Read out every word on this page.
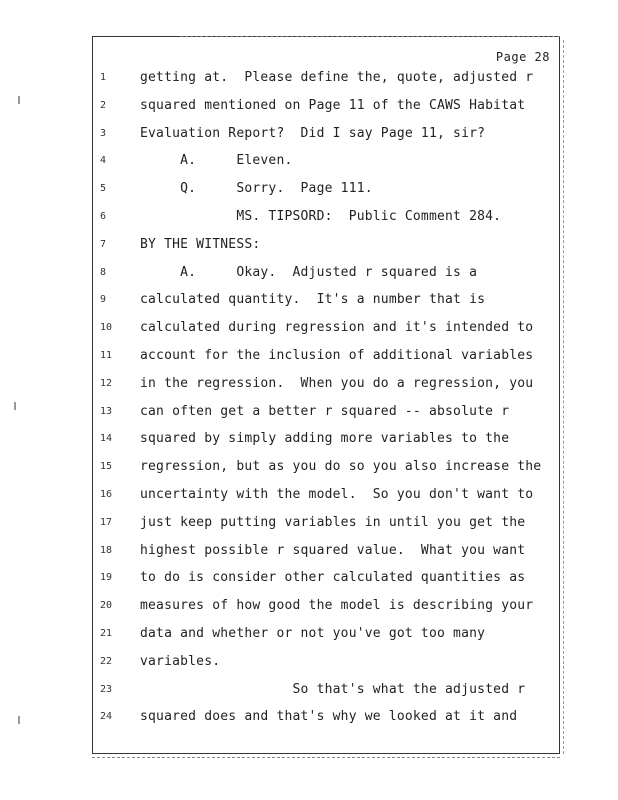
Page 28
1	getting at.  Please define the, quote, adjusted r
2	squared mentioned on Page 11 of the CAWS Habitat
3	Evaluation Report?  Did I say Page 11, sir?
4	A.     Eleven.
5	Q.     Sorry.  Page 111.
6	MS. TIPSORD:  Public Comment 284.
7	BY THE WITNESS:
8	A.     Okay.  Adjusted r squared is a
9	calculated quantity.  It's a number that is
10	calculated during regression and it's intended to
11	account for the inclusion of additional variables
12	in the regression.  When you do a regression, you
13	can often get a better r squared -- absolute r
14	squared by simply adding more variables to the
15	regression, but as you do so you also increase the
16	uncertainty with the model.  So you don't want to
17	just keep putting variables in until you get the
18	highest possible r squared value.  What you want
19	to do is consider other calculated quantities as
20	measures of how good the model is describing your
21	data and whether or not you've got too many
22	variables.
23	So that's what the adjusted r
24	squared does and that's why we looked at it and
